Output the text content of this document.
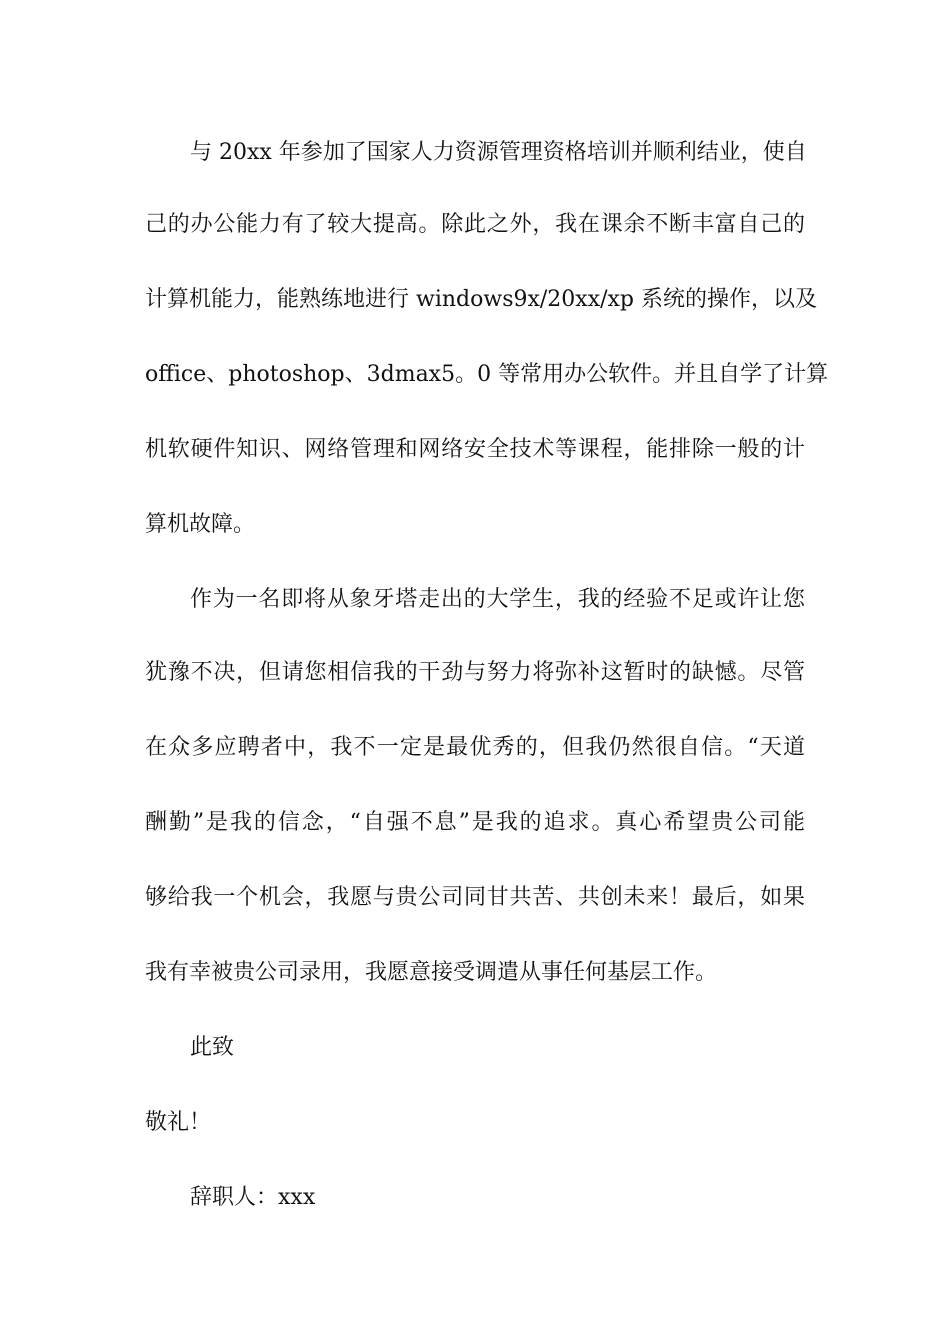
与 20xx 年参加了国家人力资源管理资格培训并顺利结业，使自
己的办公能力有了较大提高。除此之外，我在课余不断丰富自己的
计算机能力，能熟练地进行 windows9x/20xx/xp 系统的操作，以及
office、photoshop、3dmax5。0 等常用办公软件。并且自学了计算
机软硬件知识、网络管理和网络安全技术等课程，能排除一般的计
算机故障。
作为一名即将从象牙塔走出的大学生，我的经验不足或许让您
犹豫不决，但请您相信我的干劲与努力将弥补这暂时的缺憾。尽管
在众多应聘者中，我不一定是最优秀的，但我仍然很自信。“天道
酬勤”是我的信念，“自强不息”是我的追求。真心希望贵公司能
够给我一个机会，我愿与贵公司同甘共苦、共创未来！最后，如果
我有幸被贵公司录用，我愿意接受调遣从事任何基层工作。
此致
敬礼！
辞职人：xxx
